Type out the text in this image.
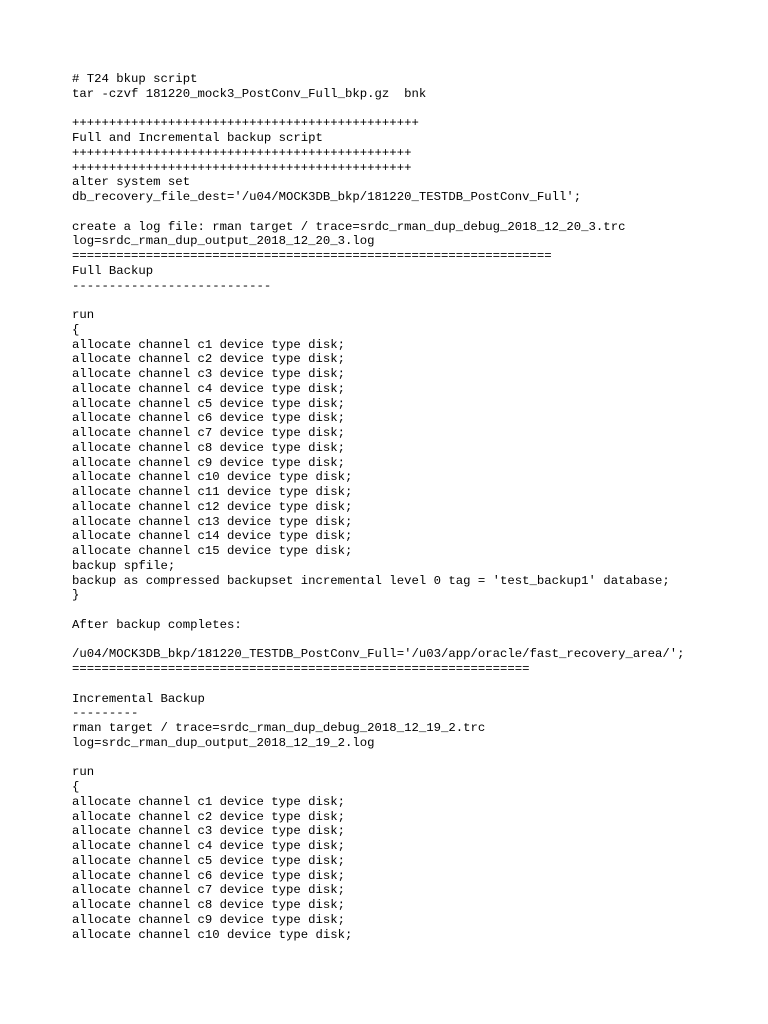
# T24 bkup script
tar -czvf 181220_mock3_PostConv_Full_bkp.gz  bnk
+++++++++++++++++++++++++++++++++++++++++++++++
Full and Incremental backup script
++++++++++++++++++++++++++++++++++++++++++++++
++++++++++++++++++++++++++++++++++++++++++++++
alter system set
db_recovery_file_dest='/u04/MOCK3DB_bkp/181220_TESTDB_PostConv_Full';
create a log file: rman target / trace=srdc_rman_dup_debug_2018_12_20_3.trc
log=srdc_rman_dup_output_2018_12_20_3.log
=================================================================
Full Backup
---------------------------
run
{
allocate channel c1 device type disk;
allocate channel c2 device type disk;
allocate channel c3 device type disk;
allocate channel c4 device type disk;
allocate channel c5 device type disk;
allocate channel c6 device type disk;
allocate channel c7 device type disk;
allocate channel c8 device type disk;
allocate channel c9 device type disk;
allocate channel c10 device type disk;
allocate channel c11 device type disk;
allocate channel c12 device type disk;
allocate channel c13 device type disk;
allocate channel c14 device type disk;
allocate channel c15 device type disk;
backup spfile;
backup as compressed backupset incremental level 0 tag = 'test_backup1' database;
}
After backup completes:
/u04/MOCK3DB_bkp/181220_TESTDB_PostConv_Full='/u03/app/oracle/fast_recovery_area/';
==============================================================
Incremental Backup
---------
rman target / trace=srdc_rman_dup_debug_2018_12_19_2.trc
log=srdc_rman_dup_output_2018_12_19_2.log
run
{
allocate channel c1 device type disk;
allocate channel c2 device type disk;
allocate channel c3 device type disk;
allocate channel c4 device type disk;
allocate channel c5 device type disk;
allocate channel c6 device type disk;
allocate channel c7 device type disk;
allocate channel c8 device type disk;
allocate channel c9 device type disk;
allocate channel c10 device type disk;
